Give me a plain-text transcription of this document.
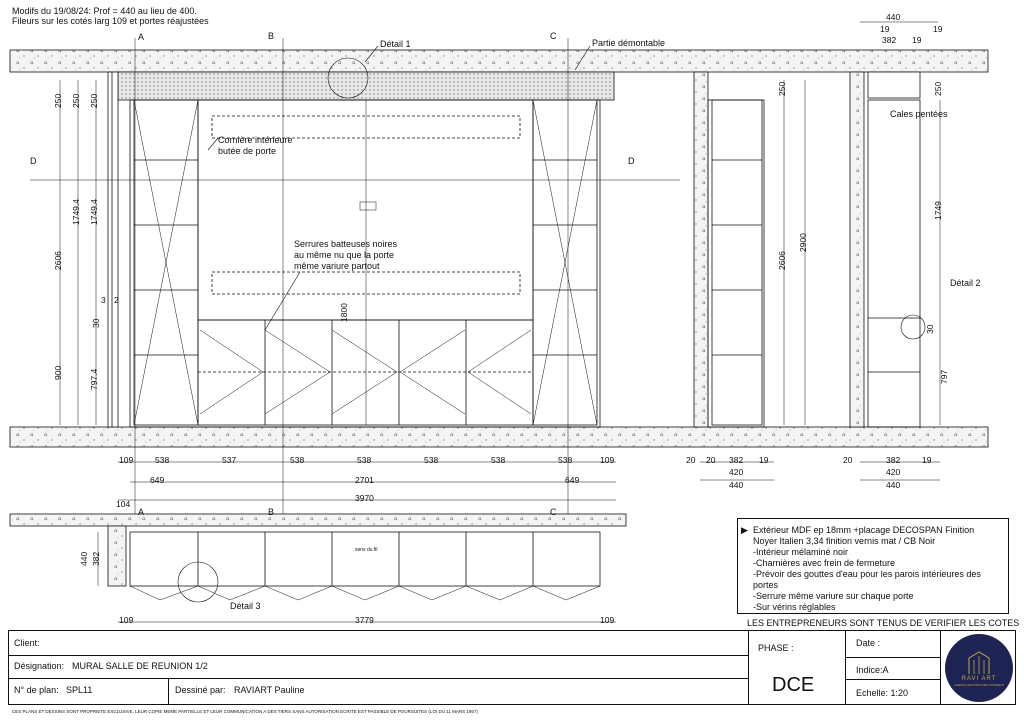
Modifs du 19/08/24: Prof = 440 au lieu de 400.
Fileurs sur les cotés larg 109 et portes réajustées
A	B	C
D	D
A	B	C
Détail 1	Partie démontable
Cornière intérieure
butée de porte
Serrures batteuses noires
au même nu que la porte
même variure partout
Cales pentées
Détail 2
Détail 3
250
2606
900
250
1749.4
250
1749.4
797.4
3 2
30
1800
109	538	537	538	538	538	538	538	109
649	2701	649
3970
250
2606
2900
20 20 382 19
420
440
440
19	19
382 19
250
1749
30
797
20	382	19
420
440
104
440 382
109	109
3779
sens du fil
▶ Extérieur MDF ep 18mm +placage DECOSPAN Finition
Noyer Italien 3,34 finition vernis mat / CB Noir
-Intérieur mélaminé noir
-Charnières avec frein de fermeture
-Prévoir des gouttes d'eau pour les parois intérieures des
portes
-Serrure même variure sur chaque porte
-Sur vérins réglables
LES ENTREPRENEURS SONT TENUS DE VERIFIER LES COTES
Client:
Désignation: MURAL SALLE DE REUNION 1/2
N° de plan: SPL11	Dessiné par: RAVIART Pauline
PHASE :
DCE
Date :
Indice:A
Echelle: 1:20
RAVI ART
AGENCE D'ARCHITECTURE D'INTÉRIEUR
CES PLANS ET DESSINS SONT PROPRIETE EXCLUSIVE, LEUR COPIE MEME PARTIELLE ET LEUR COMMUNICATION A DES TIERS SANS AUTORISATION ECRITE EST PASSIBLE DE POURSUITES (LOI DU 11 MARS 1957)
